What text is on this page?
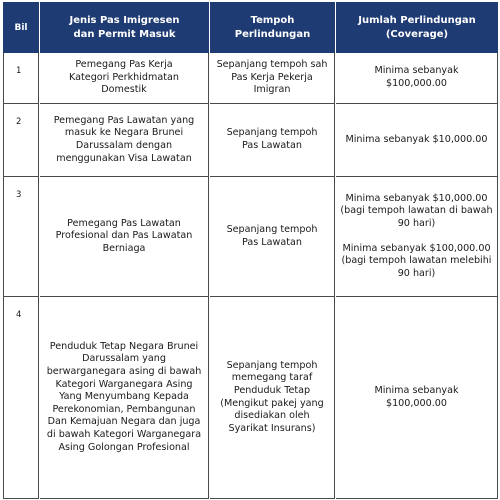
Bil
Jenis Pas Imigresen dan Permit Masuk
Tempoh Perlindungan
Jumlah Perlindungan (Coverage)
1
Pemegang Pas Kerja Kategori Perkhidmatan Domestik
Sepanjang tempoh sah Pas Kerja Pekerja Imigran

Minima sebanyak $100,000.00

2	Pemegang Pas Lawatan yang masuk ke Negara Brunei Darussalam dengan menggunakan Visa Lawatan
Sepanjang tempoh Pas Lawatan

Minima sebanyak $10,000.00

3
Pemegang Pas Lawatan Profesional dan Pas Lawatan Berniaga
Sepanjang tempoh Pas Lawatan

Minima sebanyak $10,000.00 (bagi tempoh lawatan di bawah 90 hari)

Minima sebanyak $100,000.00 (bagi tempoh lawatan melebihi 90 hari)

4
Penduduk Tetap Negara Brunei Darussalam yang berwarganegara asing di bawah Kategori Warganegara Asing Yang Menyumbang Kepada Perekonomian, Pembangunan Dan Kemajuan Negara dan juga di bawah Kategori Warganegara Asing Golongan Profesional
Sepanjang tempoh memegang taraf Penduduk Tetap (Mengikut pakej yang disediakan oleh Syarikat Insurans)

Minima sebanyak $100,000.00
